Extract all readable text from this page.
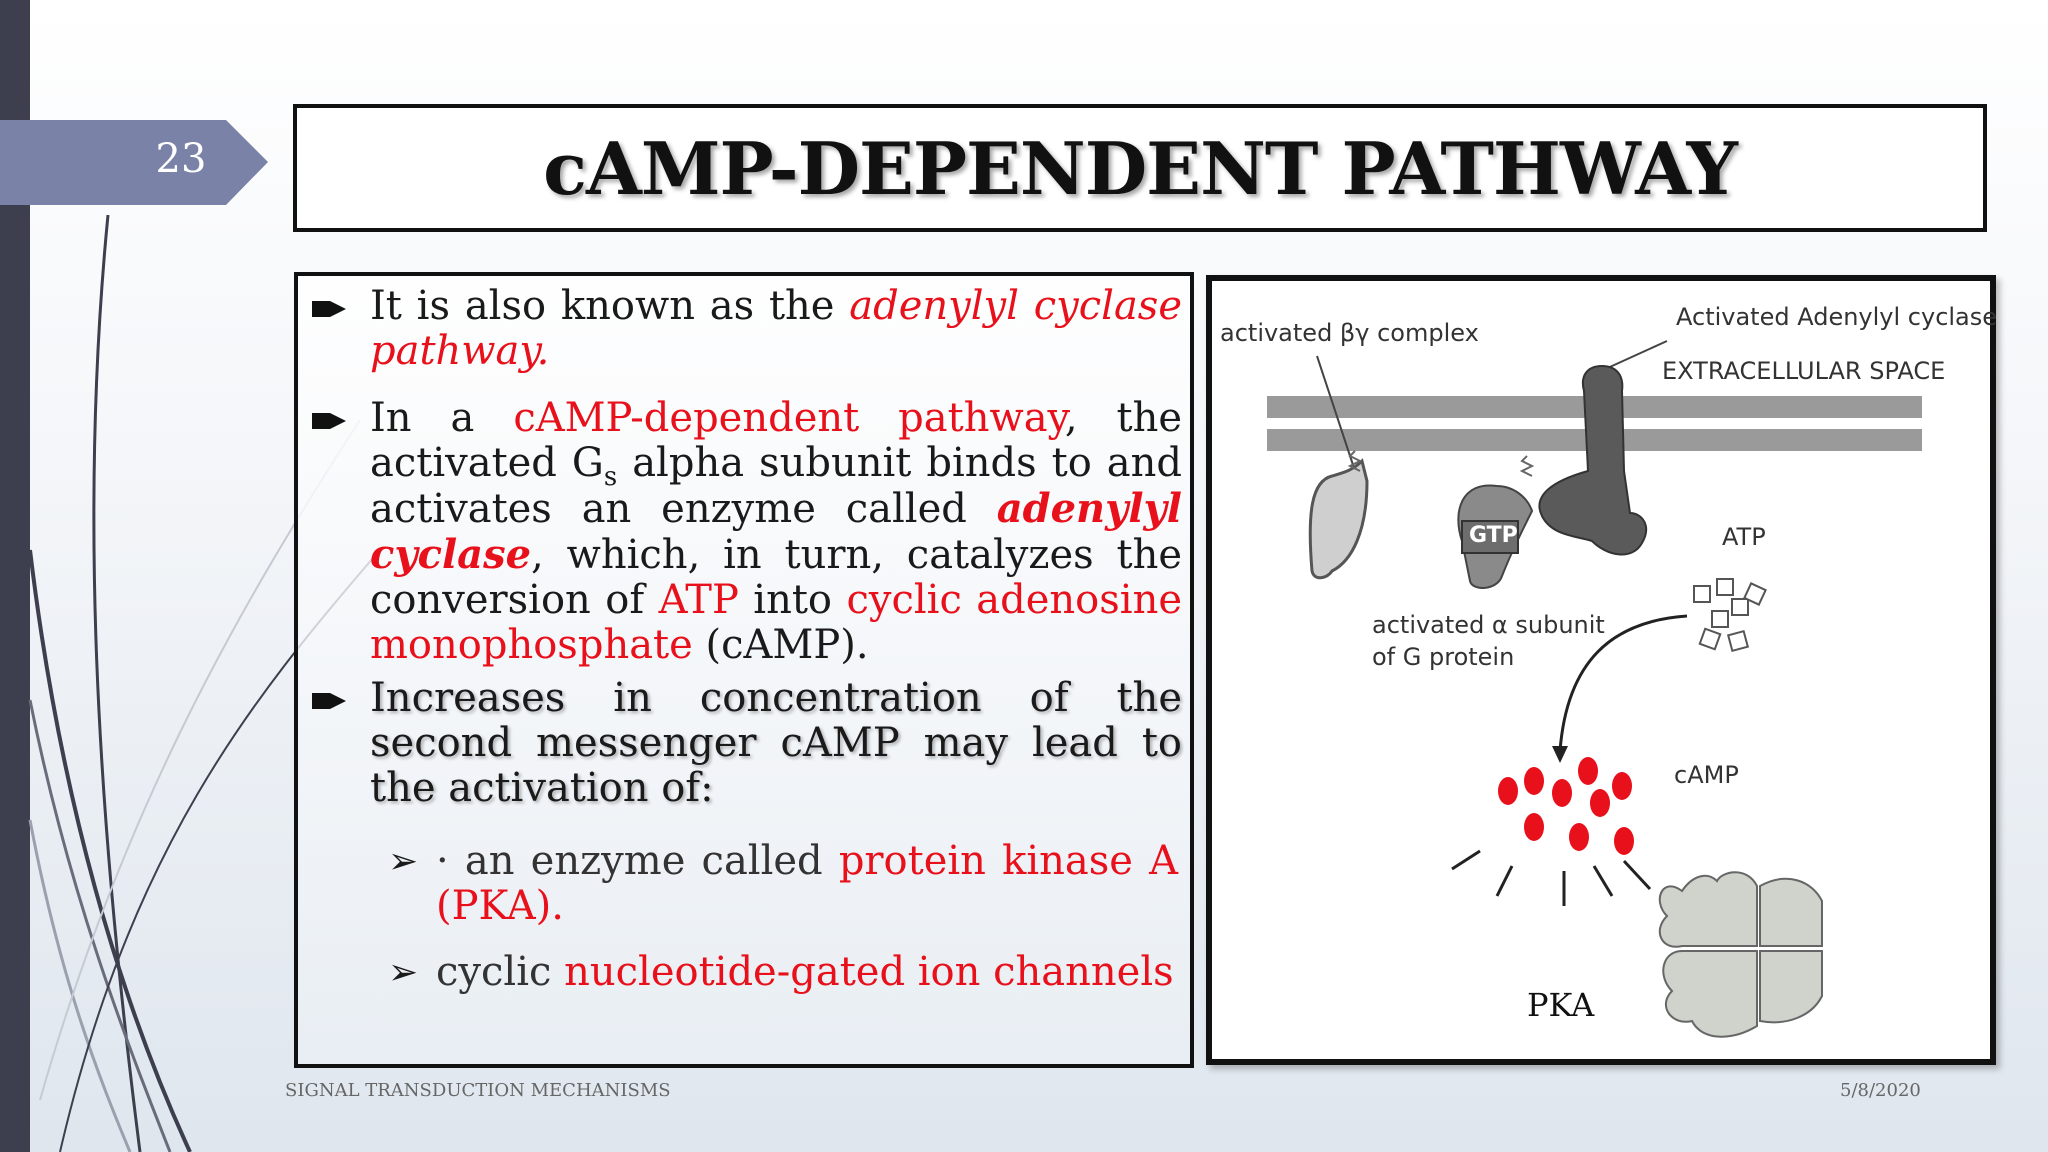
23	cAMP-DEPENDENT PATHWAY
It is also known as the adenylyl cyclase pathway.
In a cAMP-dependent pathway, the activated $G_s$ alpha subunit binds to and activates an enzyme called adenylyl cyclase, which, in turn, catalyzes the conversion of ATP into cyclic adenosine monophosphate (cAMP).
Increases in concentration of the second messenger cAMP may lead to the activation of:
➢ · an enzyme called protein kinase A (PKA).
➢ cyclic nucleotide-gated ion channels
activated βγ complex
Activated Adenylyl cyclase
EXTRACELLULAR SPACE
GTP	ATP
activated α subunit
of G protein
cAMP
PKA
SIGNAL TRANSDUCTION MECHANISMS	5/8/2020
